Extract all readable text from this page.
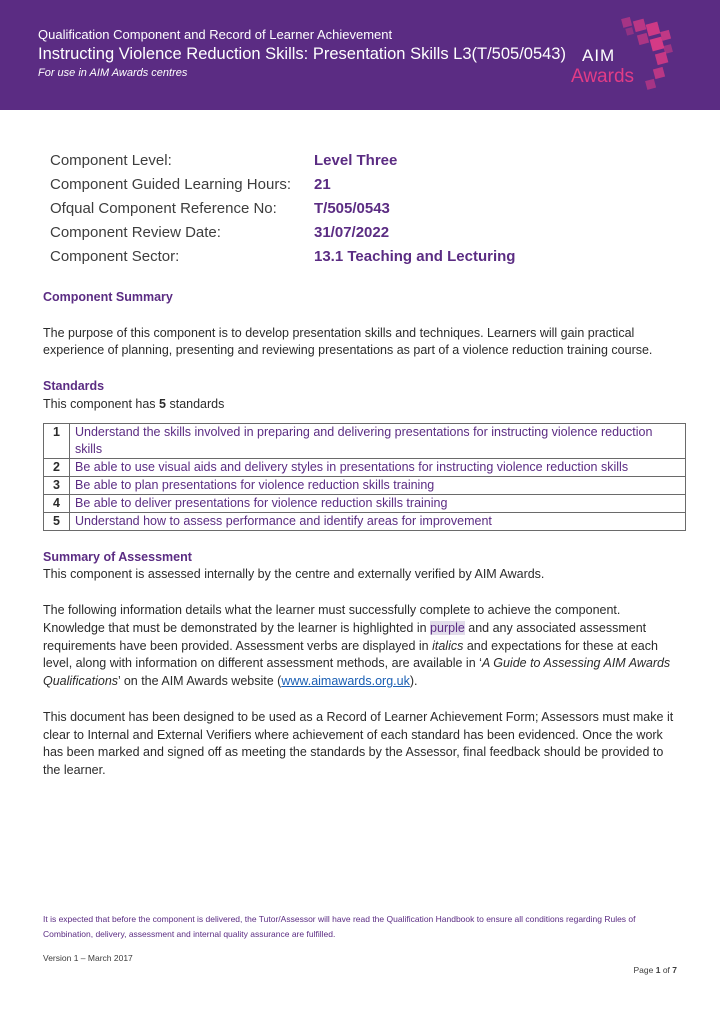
Qualification Component and Record of Learner Achievement
Instructing Violence Reduction Skills: Presentation Skills L3(T/505/0543)
For use in AIM Awards centres
AIM
Awards
Component Level:	Level Three
Component Guided Learning Hours: 21
Ofqual Component Reference No: T/505/0543
Component Review Date:	31/07/2022
Component Sector:	13.1 Teaching and Lecturing
Component Summary

The purpose of this component is to develop presentation skills and techniques. Learners will gain practical experience of planning, presenting and reviewing presentations as part of a violence reduction training course.

Standards

This component has 5 standards

1	Understand the skills involved in preparing and delivering presentations for instructing violence reduction skills
2	Be able to use visual aids and delivery styles in presentations for instructing violence reduction skills
3	Be able to plan presentations for violence reduction skills training
4	Be able to deliver presentations for violence reduction skills training
5	Understand how to assess performance and identify areas for improvement
Summary of Assessment

This component is assessed internally by the centre and externally verified by AIM Awards.

The following information details what the learner must successfully complete to achieve the component. Knowledge that must be demonstrated by the learner is highlighted in purple and any associated assessment requirements have been provided. Assessment verbs are displayed in italics and expectations for these at each level, along with information on different assessment methods, are available in ‘A Guide to Assessing AIM Awards Qualifications’ on the AIM Awards website (www.aimawards.org.uk).

This document has been designed to be used as a Record of Learner Achievement Form; Assessors must make it clear to Internal and External Verifiers where achievement of each standard has been evidenced. Once the work has been marked and signed off as meeting the standards by the Assessor, final feedback should be provided to the learner.

It is expected that before the component is delivered, the Tutor/Assessor will have read the Qualification Handbook to ensure all conditions regarding Rules of Combination, delivery, assessment and internal quality assurance are fulfilled.
Version 1 – March 2017
Page 1 of 7
